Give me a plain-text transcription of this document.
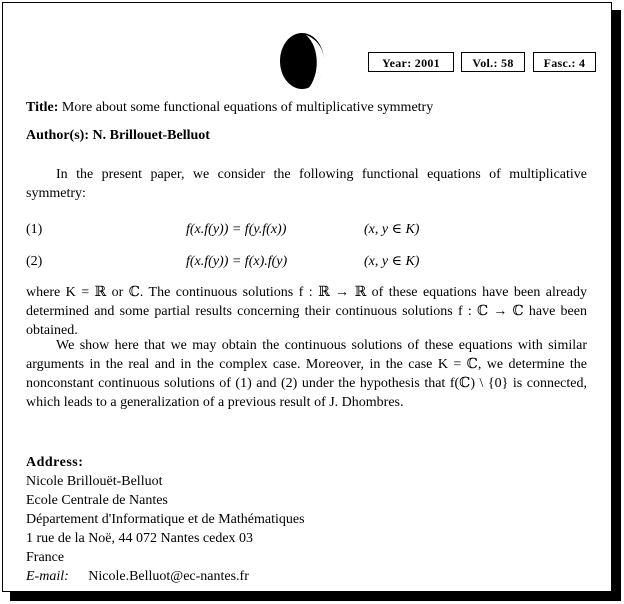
Year: 2001	Vol.: 58	Fasc.: 4
Title: More about some functional equations of multiplicative symmetry
Author(s): N. Brillouet-Belluot
In the present paper, we consider the following functional equations of multiplicative symmetry:
(1)	f(x.f(y)) = f(y.f(x))	(x, y ∈ K)
(2)	f(x.f(y)) = f(x).f(y)	(x, y ∈ K)
where K = ℝ or ℂ. The continuous solutions f : ℝ → ℝ of these equations have been already determined and some partial results concerning their continuous solutions f : ℂ → ℂ have been obtained.
We show here that we may obtain the continuous solutions of these equations with similar arguments in the real and in the complex case. Moreover, in the case K = ℂ, we determine the nonconstant continuous solutions of (1) and (2) under the hypothesis that f(ℂ) \ {0} is connected, which leads to a generalization of a previous result of J. Dhombres.
Address:
Nicole Brillouët-Belluot
Ecole Centrale de Nantes
Département d'Informatique et de Mathématiques
1 rue de la Noë, 44 072 Nantes cedex 03
France
E-mail: Nicole.Belluot@ec-nantes.fr
